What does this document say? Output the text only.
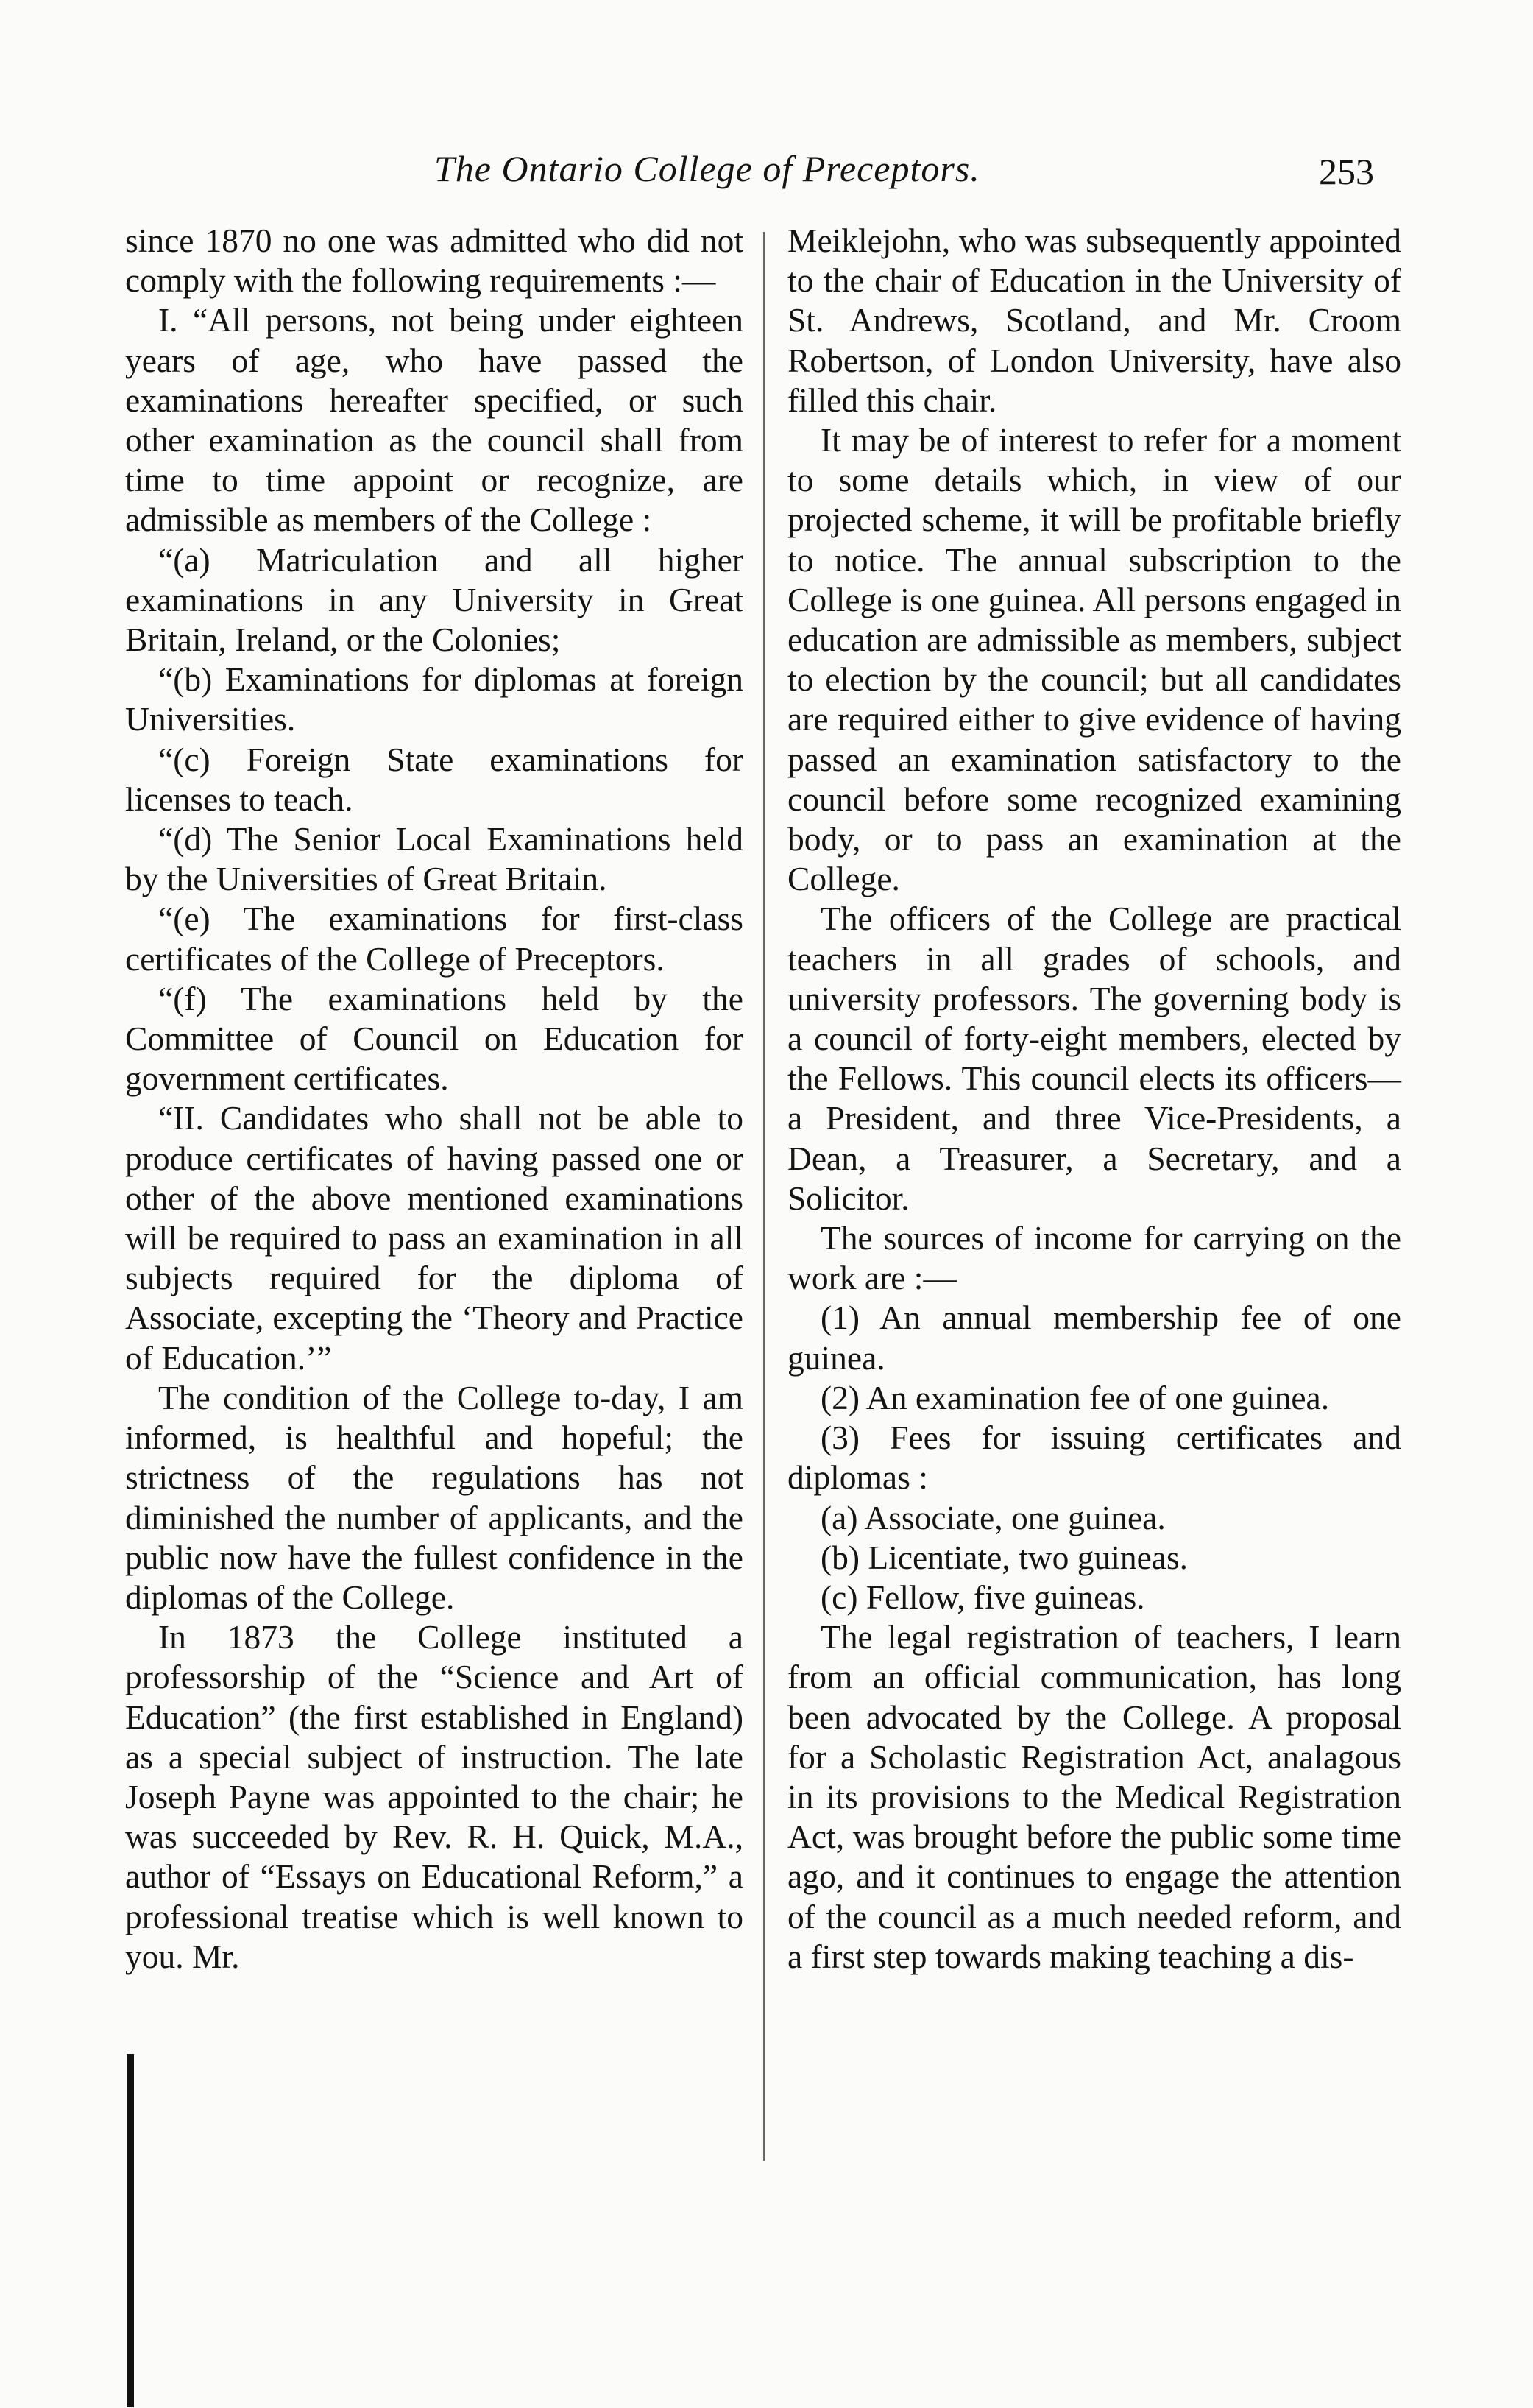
The Ontario College of Preceptors.	253

since 1870 no one was admitted who did not comply with the following requirements :—

I. “All persons, not being under eighteen years of age, who have passed the examinations hereafter specified, or such other examination as the council shall from time to time appoint or recognize, are admissible as members of the College :

“(a) Matriculation and all higher examinations in any University in Great Britain, Ireland, or the Colonies;

“(b) Examinations for diplomas at foreign Universities.

“(c) Foreign State examinations for licenses to teach.

“(d) The Senior Local Examinations held by the Universities of Great Britain.

“(e) The examinations for first-class certificates of the College of Preceptors.

“(f) The examinations held by the Committee of Council on Education for government certificates.

“II. Candidates who shall not be able to produce certificates of having passed one or other of the above mentioned examinations will be required to pass an examination in all subjects required for the diploma of Associate, excepting the ‘Theory and Practice of Education.’”

The condition of the College to-day, I am informed, is healthful and hopeful; the strictness of the regulations has not diminished the number of applicants, and the public now have the fullest confidence in the diplomas of the College.

In 1873 the College instituted a professorship of the “Science and Art of Education” (the first established in England) as a special subject of instruction. The late Joseph Payne was appointed to the chair; he was succeeded by Rev. R. H. Quick, M.A., author of “Essays on Educational Reform,” a professional treatise which is well known to you. Mr.

Meiklejohn, who was subsequently appointed to the chair of Education in the University of St. Andrews, Scotland, and Mr. Croom Robertson, of London University, have also filled this chair.

It may be of interest to refer for a moment to some details which, in view of our projected scheme, it will be profitable briefly to notice. The annual subscription to the College is one guinea. All persons engaged in education are admissible as members, subject to election by the council; but all candidates are required either to give evidence of having passed an examination satisfactory to the council before some recognized examining body, or to pass an examination at the College.

The officers of the College are practical teachers in all grades of schools, and university professors. The governing body is a council of forty-eight members, elected by the Fellows. This council elects its officers—a President, and three Vice-Presidents, a Dean, a Treasurer, a Secretary, and a Solicitor.

The sources of income for carrying on the work are :—

(1) An annual membership fee of one guinea.

(2) An examination fee of one guinea.

(3) Fees for issuing certificates and diplomas :

(a) Associate, one guinea.

(b) Licentiate, two guineas.

(c) Fellow, five guineas.

The legal registration of teachers, I learn from an official communication, has long been advocated by the College. A proposal for a Scholastic Registration Act, analagous in its provisions to the Medical Registration Act, was brought before the public some time ago, and it continues to engage the attention of the council as a much needed reform, and a first step towards making teaching a dis-
